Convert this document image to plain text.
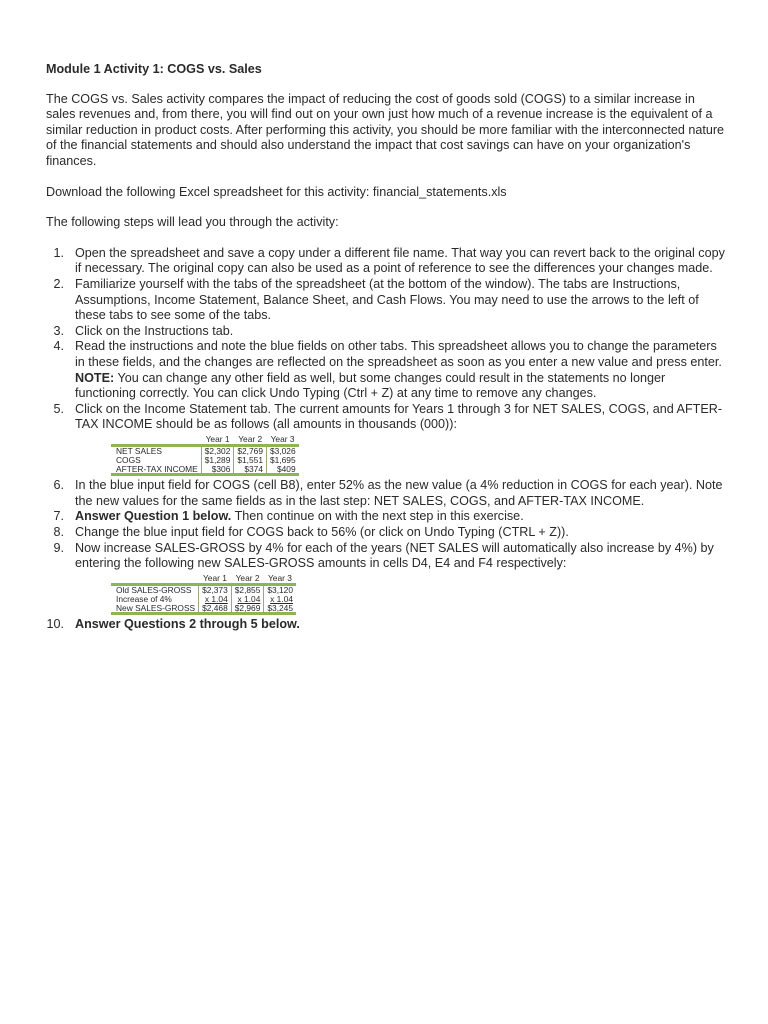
Module 1 Activity 1: COGS vs. Sales

The COGS vs. Sales activity compares the impact of reducing the cost of goods sold (COGS) to a similar increase in sales revenues and, from there, you will find out on your own just how much of a revenue increase is the equivalent of a similar reduction in product costs. After performing this activity, you should be more familiar with the interconnected nature of the financial statements and should also understand the impact that cost savings can have on your organization's finances.

Download the following Excel spreadsheet for this activity: financial_statements.xls

The following steps will lead you through the activity:

1. Open the spreadsheet and save a copy under a different file name. That way you can revert back to the original copy if necessary. The original copy can also be used as a point of reference to see the differences your changes made.
2. Familiarize yourself with the tabs of the spreadsheet (at the bottom of the window). The tabs are Instructions, Assumptions, Income Statement, Balance Sheet, and Cash Flows. You may need to use the arrows to the left of these tabs to see some of the tabs.
3. Click on the Instructions tab.
4. Read the instructions and note the blue fields on other tabs. This spreadsheet allows you to change the parameters in these fields, and the changes are reflected on the spreadsheet as soon as you enter a new value and press enter.
NOTE: You can change any other field as well, but some changes could result in the statements no longer functioning correctly. You can click Undo Typing (Ctrl + Z) at any time to remove any changes.
5. Click on the Income Statement tab. The current amounts for Years 1 through 3 for NET SALES, COGS, and AFTER-TAX INCOME should be as follows (all amounts in thousands (000)):
	Year 1	Year 2	Year 3
NET SALES	$2,302	$2,769	$3,026
COGS	$1,289	$1,551	$1,695
AFTER-TAX INCOME	$306	$374	$409
6. In the blue input field for COGS (cell B8), enter 52% as the new value (a 4% reduction in COGS for each year). Note the new values for the same fields as in the last step: NET SALES, COGS, and AFTER-TAX INCOME.
7. Answer Question 1 below. Then continue on with the next step in this exercise.
8. Change the blue input field for COGS back to 56% (or click on Undo Typing (CTRL + Z)).
9. Now increase SALES-GROSS by 4% for each of the years (NET SALES will automatically also increase by 4%) by entering the following new SALES-GROSS amounts in cells D4, E4 and F4 respectively:
	Year 1	Year 2	Year 3
Old SALES-GROSS	$2,373	$2,855	$3,120
Increase of 4%	x 1.04	x 1.04	x 1.04
New SALES-GROSS	$2,468	$2,969	$3,245
10. Answer Questions 2 through 5 below.
